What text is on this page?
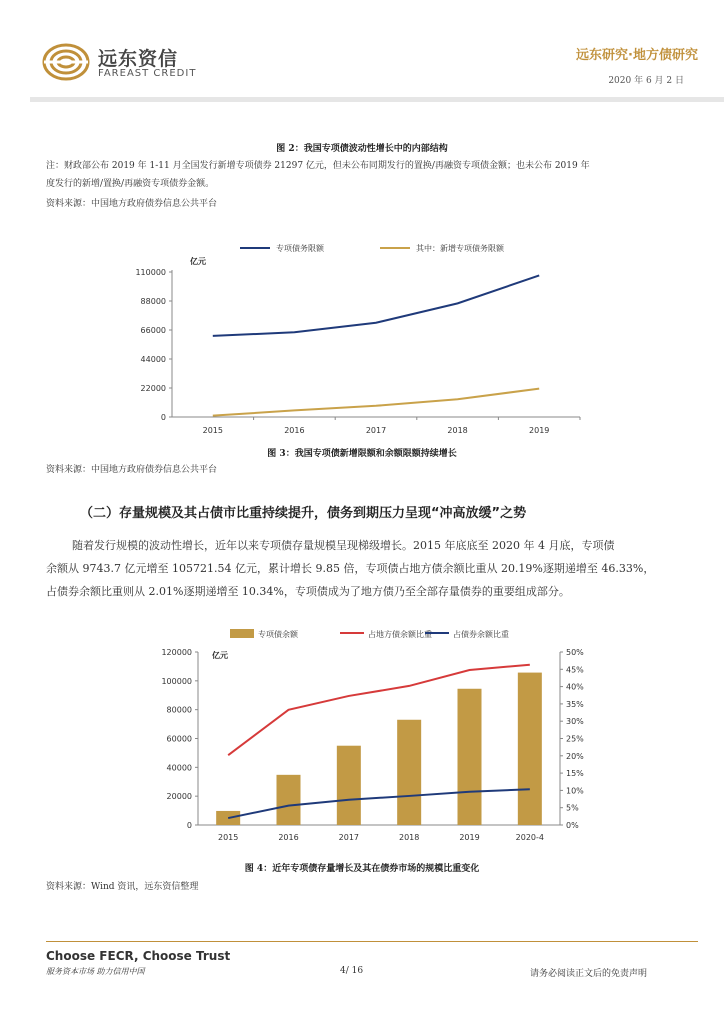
远东资信
FAREAST CREDIT
远东研究·地方债研究
2020 年 6 月 2 日
图 2：我国专项债波动性增长中的内部结构
注：财政部公布 2019 年 1-11 月全国发行新增专项债券 21297 亿元，但未公布同期发行的置换/再融资专项债金额；也未公布 2019 年
度发行的新增/置换/再融资专项债券金额。
资料来源：中国地方政府债券信息公共平台
专项债务限额	其中：新增专项债务限额
亿元
0
22000
44000
66000
88000
110000
2015	2016	2017	2018	2019
图 3：我国专项债新增限额和余额限额持续增长
资料来源：中国地方政府债券信息公共平台
（二）存量规模及其占债市比重持续提升，债务到期压力呈现“冲高放缓”之势
随着发行规模的波动性增长，近年以来专项债存量规模呈现梯级增长。2015 年底底至 2020 年 4 月底，专项债
余额从 9743.7 亿元增至 105721.54 亿元，累计增长 9.85 倍，专项债占地方债余额比重从 20.19%逐期递增至 46.33%，
占债券余额比重则从 2.01%逐期递增至 10.34%，专项债成为了地方债乃至全部存量债券的重要组成部分。
专项债余额	占地方债余额比重	占债券余额比重
亿元
0
20000
40000
60000
80000
100000
120000
0%
5%
10%
15%
20%
25%
30%
35%
40%
45%
50%
2015	2016	2017	2018	2019	2020-4
图 4：近年专项债存量增长及其在债券市场的规模比重变化
资料来源：Wind 资讯，远东资信整理
Choose FECR, Choose Trust
服务资本市场 助力信用中国	4/ 16	请务必阅读正文后的免责声明
